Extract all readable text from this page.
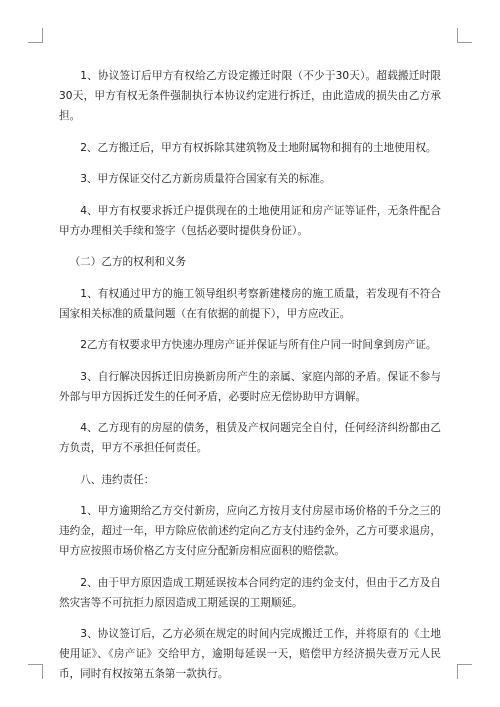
1、协议签订后甲方有权给乙方设定搬迁时限（不少于30天）。超载搬迁时限30天，甲方有权无条件强制执行本协议约定进行拆迁，由此造成的损失由乙方承担。

2、乙方搬迁后，甲方有权拆除其建筑物及土地附属物和拥有的土地使用权。

3、甲方保证交付乙方新房质量符合国家有关的标准。

4、甲方有权要求拆迁户提供现在的土地使用证和房产证等证件，无条件配合甲方办理相关手续和签字（包括必要时提供身份证）。

（二）乙方的权利和义务

1、有权通过甲方的施工领导组织考察新建楼房的施工质量，若发现有不符合国家相关标准的质量问题（在有依据的前提下），甲方应改正。

2乙方有权要求甲方快速办理房产证并保证与所有住户同一时间拿到房产证。

3、自行解决因拆迁旧房换新房所产生的亲属、家庭内部的矛盾。保证不参与外部与甲方因拆迁发生的任何矛盾，必要时应无偿协助甲方调解。

4、乙方现有的房屋的债务，租赁及产权问题完全自付，任何经济纠纷都由乙方负责，甲方不承担任何责任。

八、违约责任：

1、甲方逾期给乙方交付新房，应向乙方按月支付房屋市场价格的千分之三的违约金，超过一年，甲方除应依前述约定向乙方支付违约金外，乙方可要求退房，甲方应按照市场价格乙方支付应分配新房相应面积的赔偿款。

2、由于甲方原因造成工期延误按本合同约定的违约金支付，但由于乙方及自然灾害等不可抗拒力原因造成工期延误的工期顺延。

3、协议签订后，乙方必须在规定的时间内完成搬迁工作，并将原有的《土地使用证》、《房产证》交给甲方，逾期每延误一天，赔偿甲方经济损失壹万元人民币，同时有权按第五条第一款执行。
